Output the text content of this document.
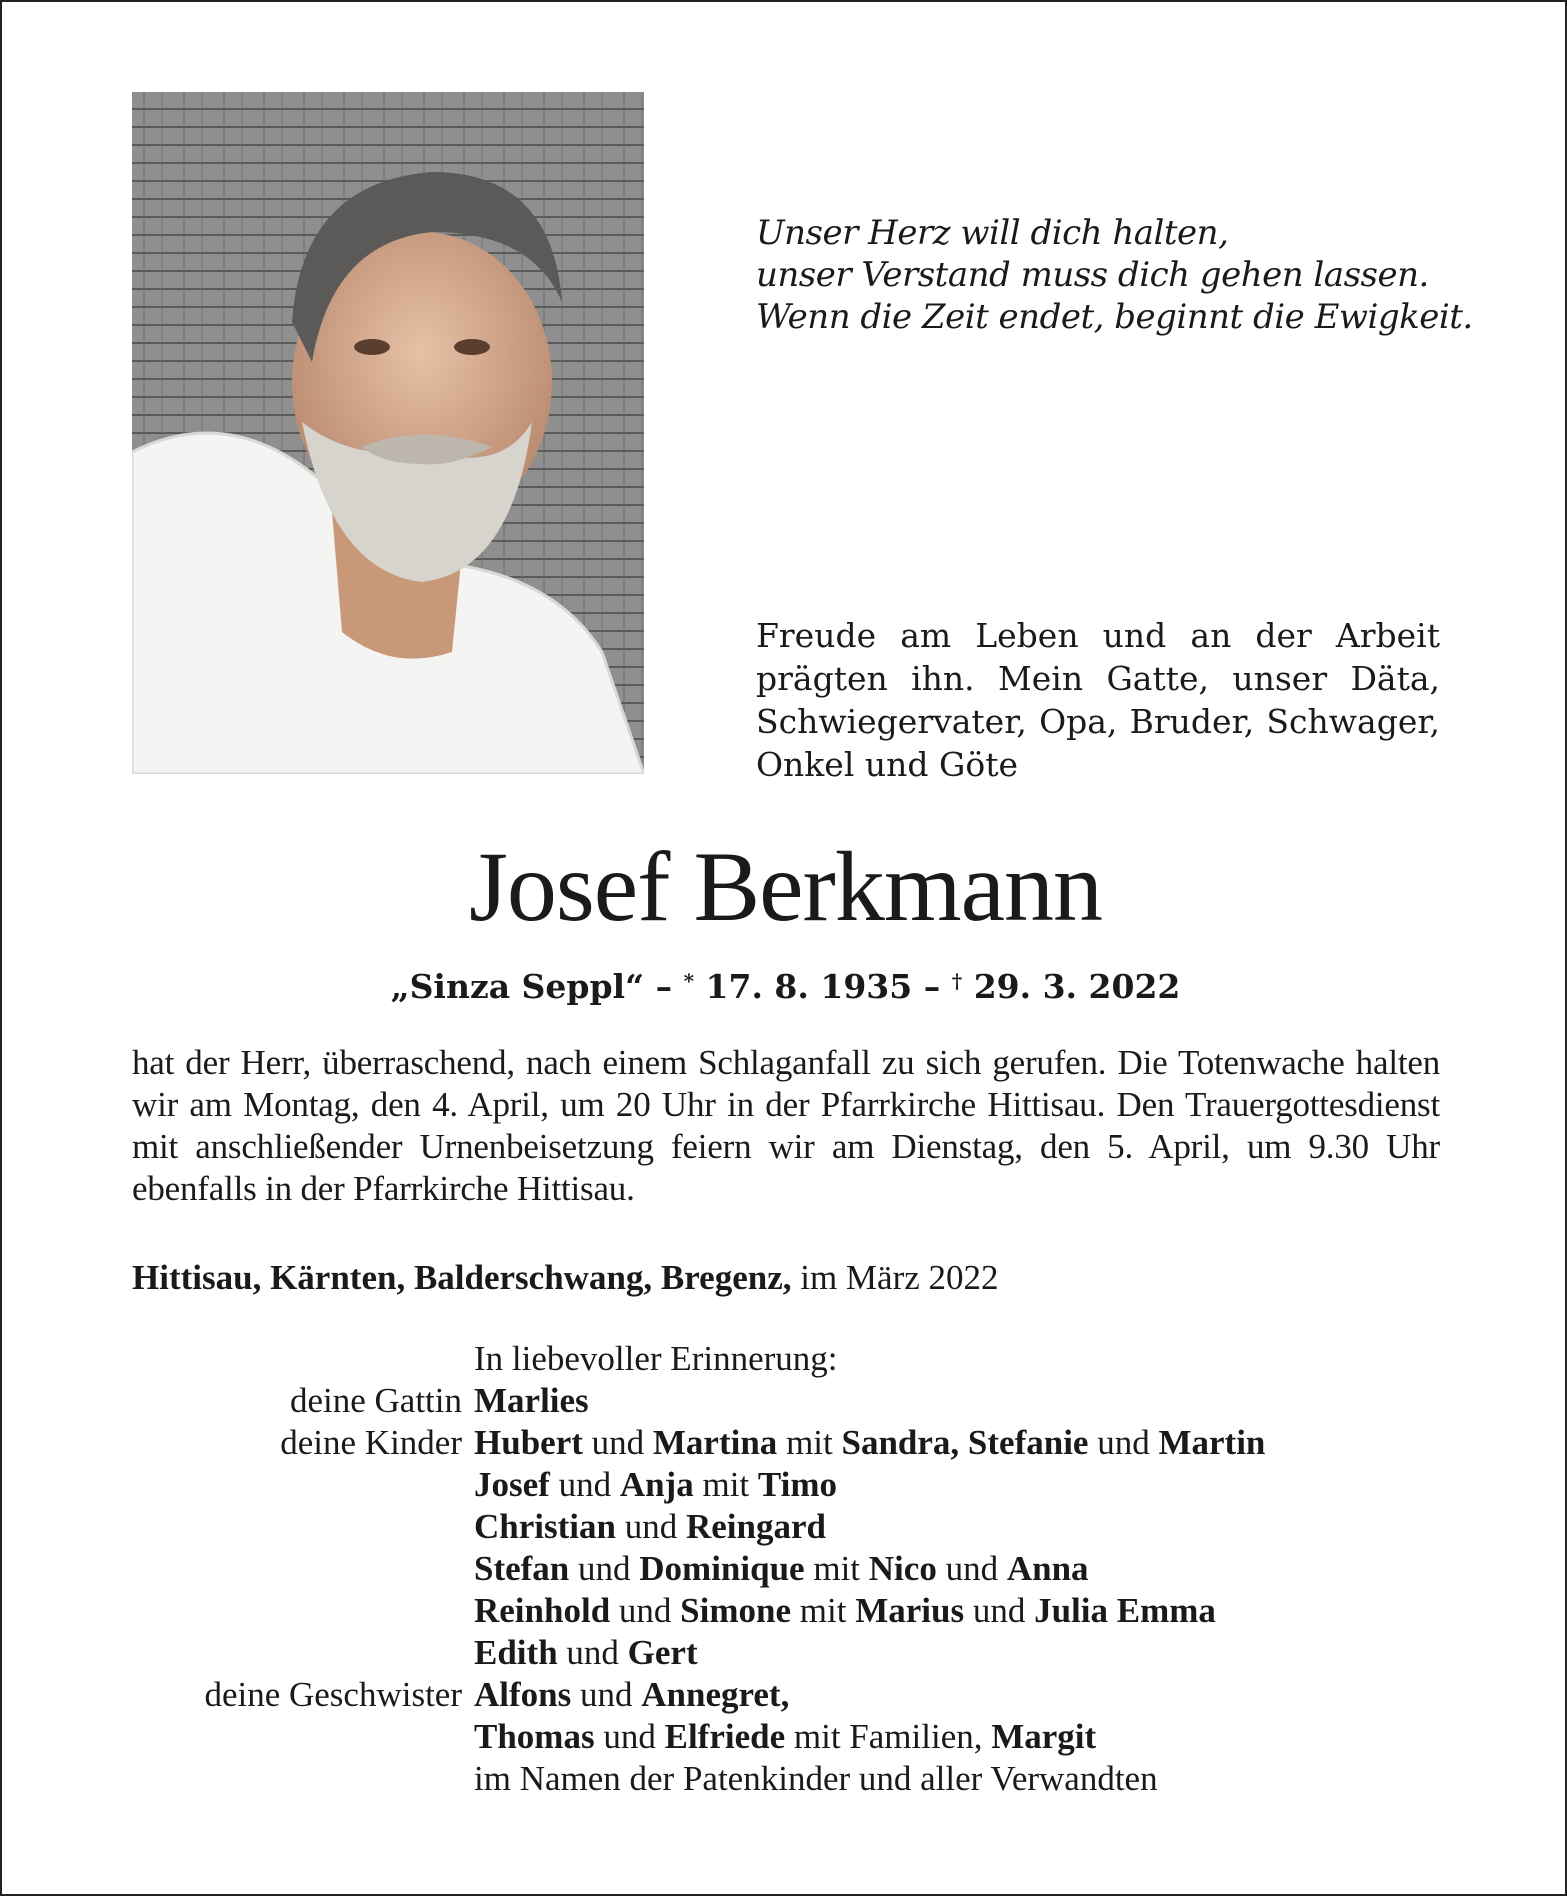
Unser Herz will dich halten,
unser Verstand muss dich gehen lassen.
Wenn die Zeit endet, beginnt die Ewigkeit.
Freude am Leben und an der Arbeit prägten ihn. Mein Gatte, unser Däta, Schwiegervater, Opa, Bruder, Schwager, Onkel und Göte
Josef Berkmann
„Sinza Seppl“ – * 17. 8. 1935 – † 29. 3. 2022
hat der Herr, überraschend, nach einem Schlaganfall zu sich gerufen. Die Totenwache halten wir am Montag, den 4. April, um 20 Uhr in der Pfarrkirche Hittisau. Den Trauergottesdienst mit anschließender Urnenbeisetzung feiern wir am Dienstag, den 5. April, um 9.30 Uhr ebenfalls in der Pfarrkirche Hittisau.
Hittisau, Kärnten, Balderschwang, Bregenz, im März 2022
In liebevoller Erinnerung:
deine Gattin Marlies
deine Kinder Hubert und Martina mit Sandra, Stefanie und Martin
Josef und Anja mit Timo
Christian und Reingard
Stefan und Dominique mit Nico und Anna
Reinhold und Simone mit Marius und Julia Emma
Edith und Gert
deine Geschwister Alfons und Annegret,
Thomas und Elfriede mit Familien, Margit
im Namen der Patenkinder und aller Verwandten
